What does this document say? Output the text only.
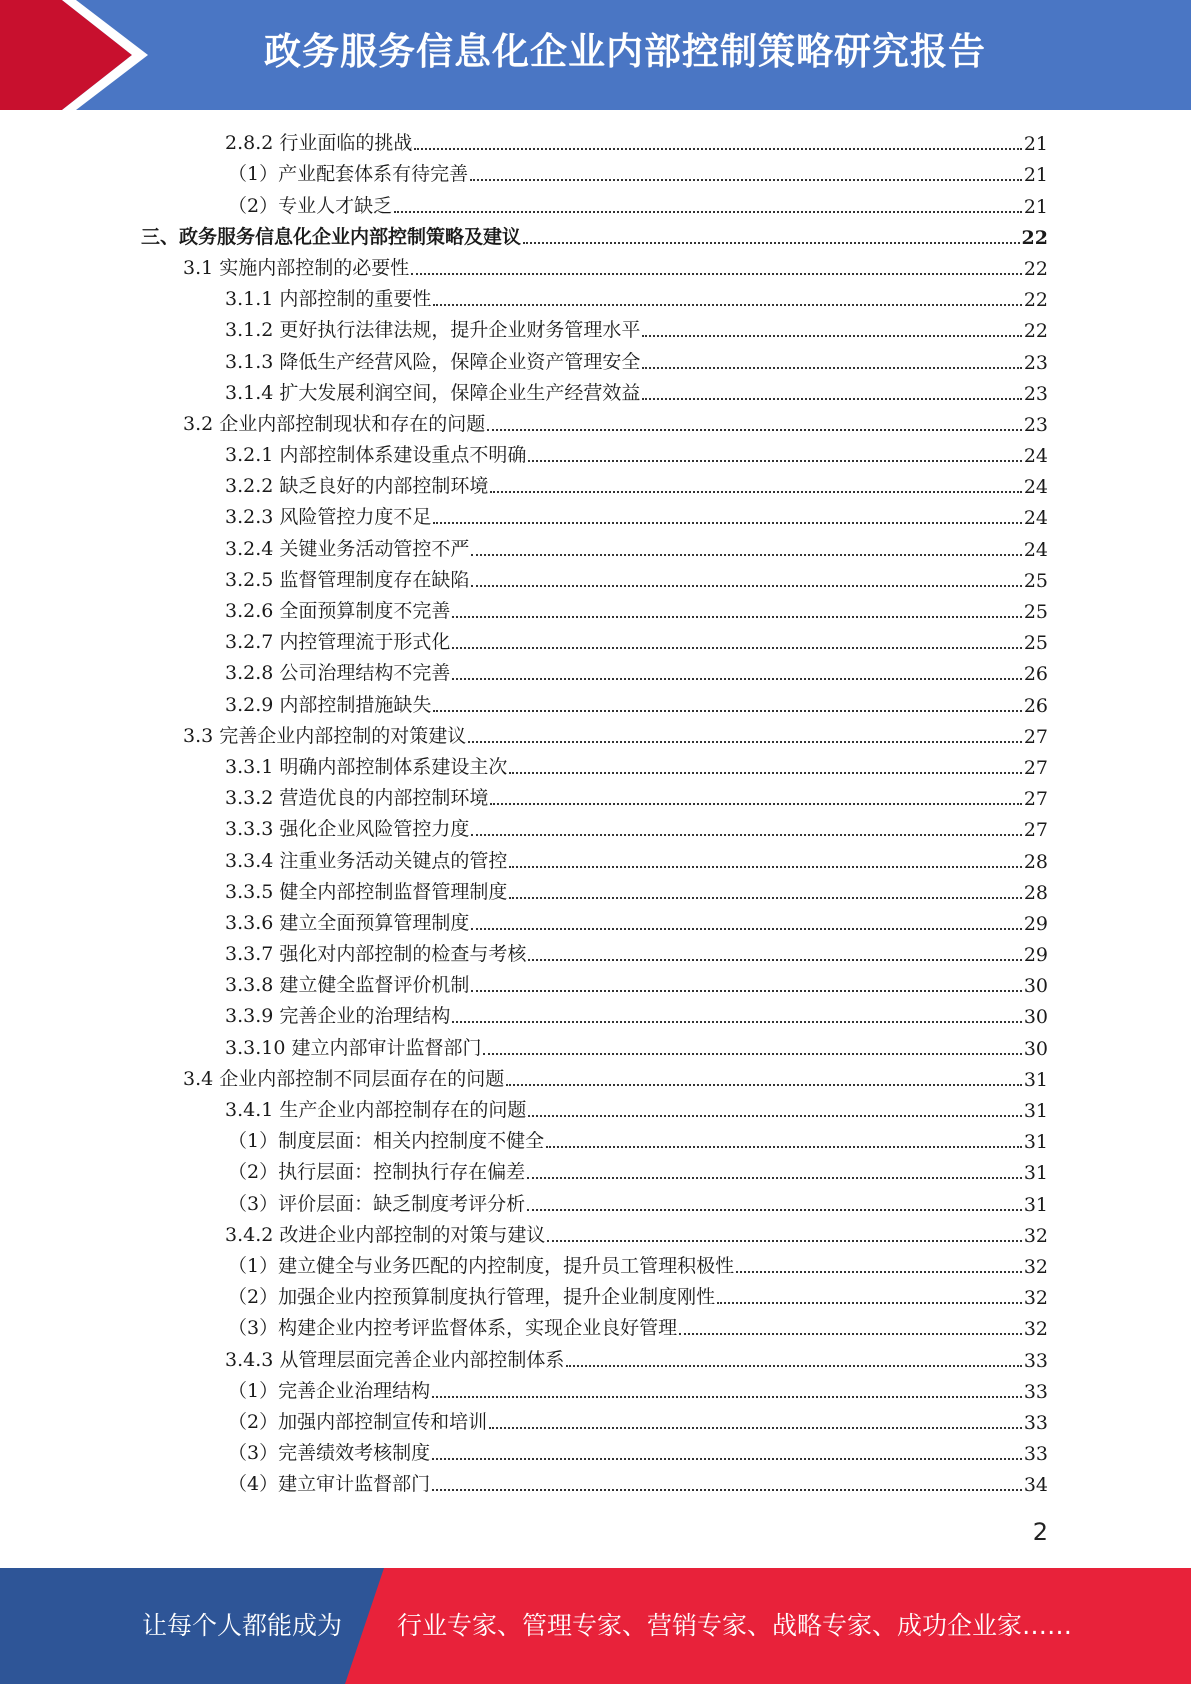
政务服务信息化企业内部控制策略研究报告
2.8.2 行业面临的挑战	21
（1）产业配套体系有待完善	21
（2）专业人才缺乏	21
三、政务服务信息化企业内部控制策略及建议	22
3.1 实施内部控制的必要性	22
3.1.1 内部控制的重要性	22
3.1.2 更好执行法律法规，提升企业财务管理水平	22
3.1.3 降低生产经营风险，保障企业资产管理安全	23
3.1.4 扩大发展利润空间，保障企业生产经营效益	23
3.2 企业内部控制现状和存在的问题	23
3.2.1 内部控制体系建设重点不明确	24
3.2.2 缺乏良好的内部控制环境	24
3.2.3 风险管控力度不足	24
3.2.4 关键业务活动管控不严	24
3.2.5 监督管理制度存在缺陷	25
3.2.6 全面预算制度不完善	25
3.2.7 内控管理流于形式化	25
3.2.8 公司治理结构不完善	26
3.2.9 内部控制措施缺失	26
3.3 完善企业内部控制的对策建议	27
3.3.1 明确内部控制体系建设主次	27
3.3.2 营造优良的内部控制环境	27
3.3.3 强化企业风险管控力度	27
3.3.4 注重业务活动关键点的管控	28
3.3.5 健全内部控制监督管理制度	28
3.3.6 建立全面预算管理制度	29
3.3.7 强化对内部控制的检查与考核	29
3.3.8 建立健全监督评价机制	30
3.3.9 完善企业的治理结构	30
3.3.10 建立内部审计监督部门	30
3.4 企业内部控制不同层面存在的问题	31
3.4.1 生产企业内部控制存在的问题	31
（1）制度层面：相关内控制度不健全	31
（2）执行层面：控制执行存在偏差	31
（3）评价层面：缺乏制度考评分析	31
3.4.2 改进企业内部控制的对策与建议	32
（1）建立健全与业务匹配的内控制度，提升员工管理积极性	32
（2）加强企业内控预算制度执行管理，提升企业制度刚性	32
（3）构建企业内控考评监督体系，实现企业良好管理	32
3.4.3 从管理层面完善企业内部控制体系	33
（1）完善企业治理结构	33
（2）加强内部控制宣传和培训	33
（3）完善绩效考核制度	33
（4）建立审计监督部门	34
2
让每个人都能成为 行业专家、管理专家、营销专家、战略专家、成功企业家……
